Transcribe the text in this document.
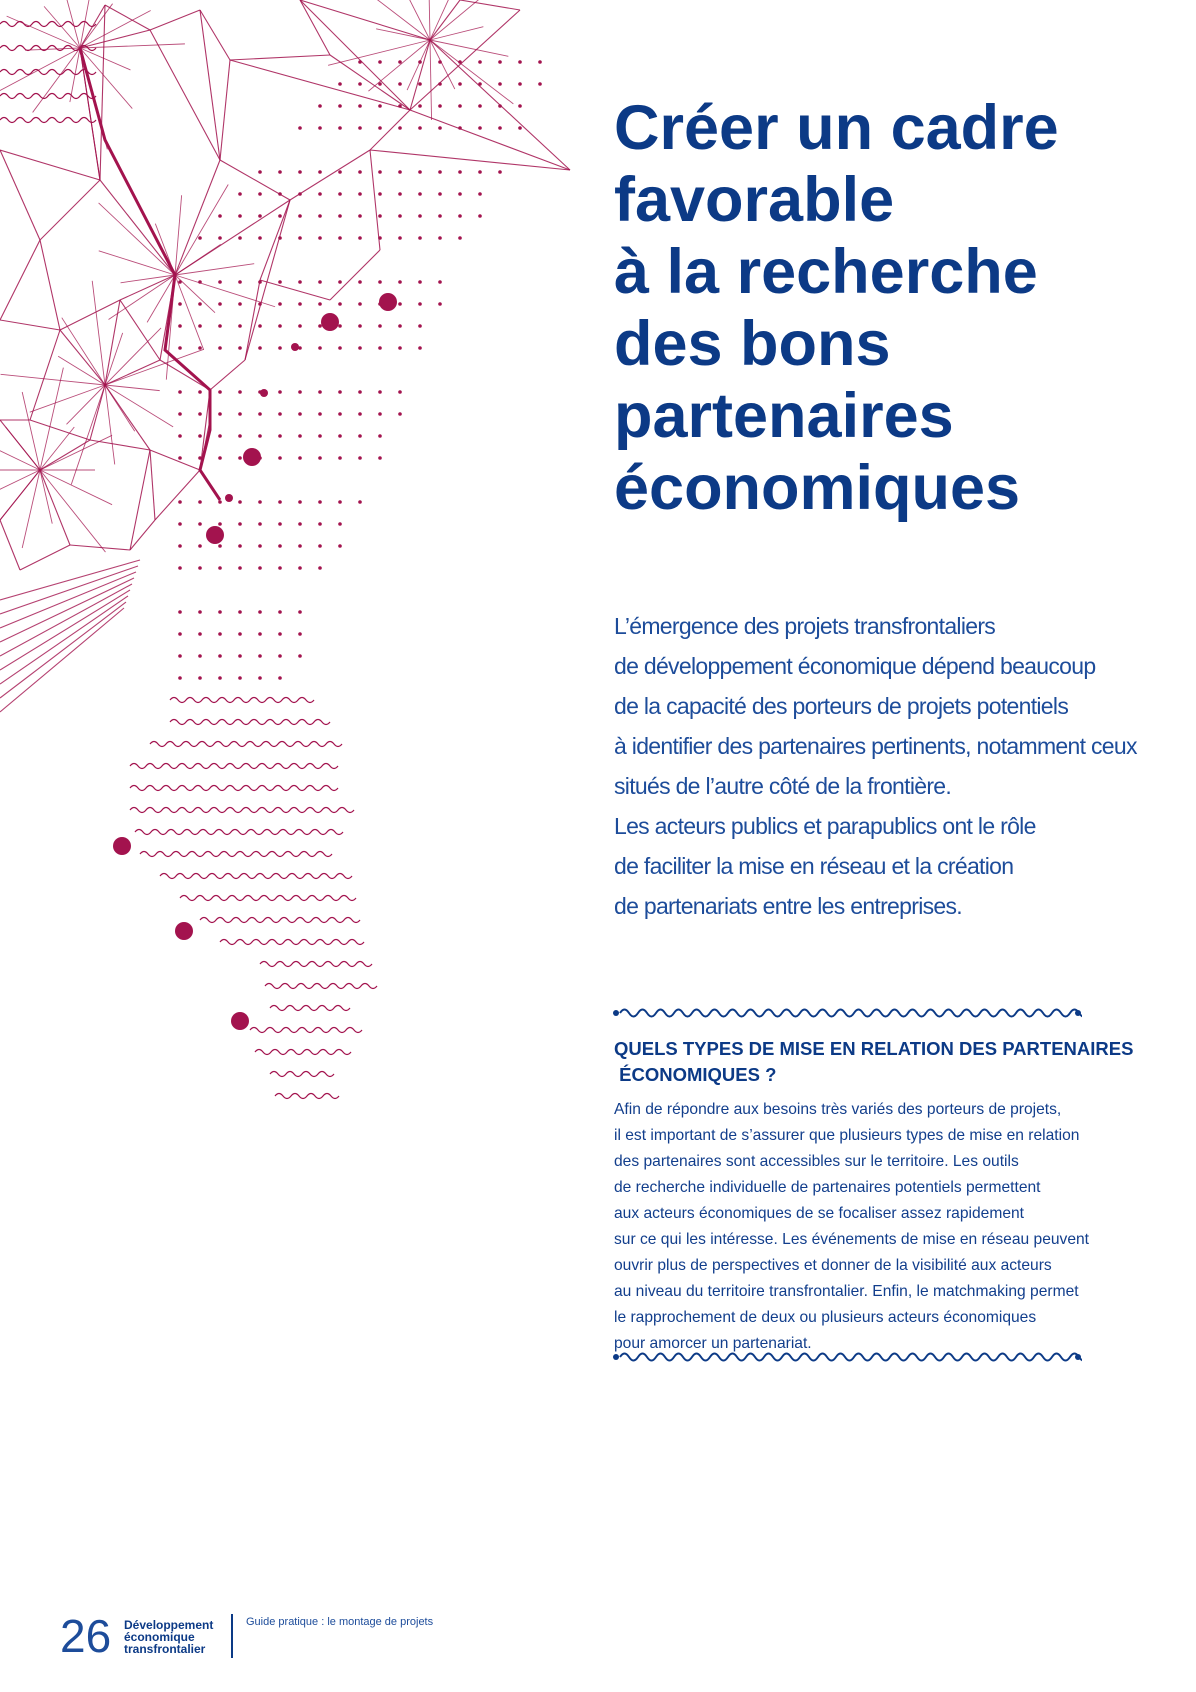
Créer un cadre
favorable
à la recherche
des bons
partenaires
économiques
L’émergence des projets transfrontaliers
de développement économique dépend beaucoup
de la capacité des porteurs de projets potentiels
à identifier des partenaires pertinents, notamment ceux
situés de l’autre côté de la frontière.
Les acteurs publics et parapublics ont le rôle
de faciliter la mise en réseau et la création
de partenariats entre les entreprises.
QUELS TYPES DE MISE EN RELATION DES PARTENAIRES
ÉCONOMIQUES ?
Afin de répondre aux besoins très variés des porteurs de projets,
il est important de s’assurer que plusieurs types de mise en relation
des partenaires sont accessibles sur le territoire. Les outils
de recherche individuelle de partenaires potentiels permettent
aux acteurs économiques de se focaliser assez rapidement
sur ce qui les intéresse. Les événements de mise en réseau peuvent
ouvrir plus de perspectives et donner de la visibilité aux acteurs
au niveau du territoire transfrontalier. Enfin, le matchmaking permet
le rapprochement de deux ou plusieurs acteurs économiques
pour amorcer un partenariat.
26 Développement
économique
transfrontalier
Guide pratique : le montage de projets
